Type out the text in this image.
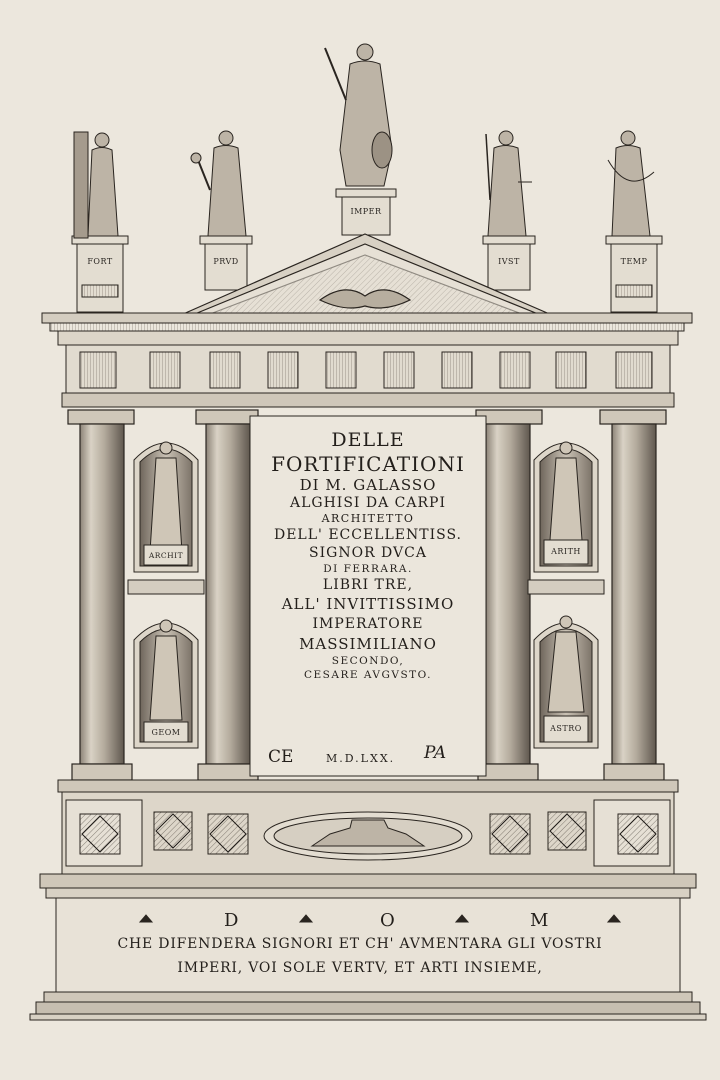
FORT	PRVD
IMPER
IVST	TEMP
ARCHIT
GEOM
ARITH
ASTRO
DELLE
FORTIFICATIONI
DI M. GALASSO
ALGHISI DA CARPI
ARCHITETTO
DELL' ECCELLENTISS.
SIGNOR DVCA
DI FERRARA.
LIBRI TRE,
ALL' INVITTISSIMO
IMPERATORE
MASSIMILIANO
SECONDO,
CESARE AVGVSTO.
CE	M.D.LXX. PA
D	O	M
CHE DIFENDERA SIGNORI ET CH' AVMENTARA GLI VOSTRI
IMPERI, VOI SOLE VERTV, ET ARTI INSIEME,
